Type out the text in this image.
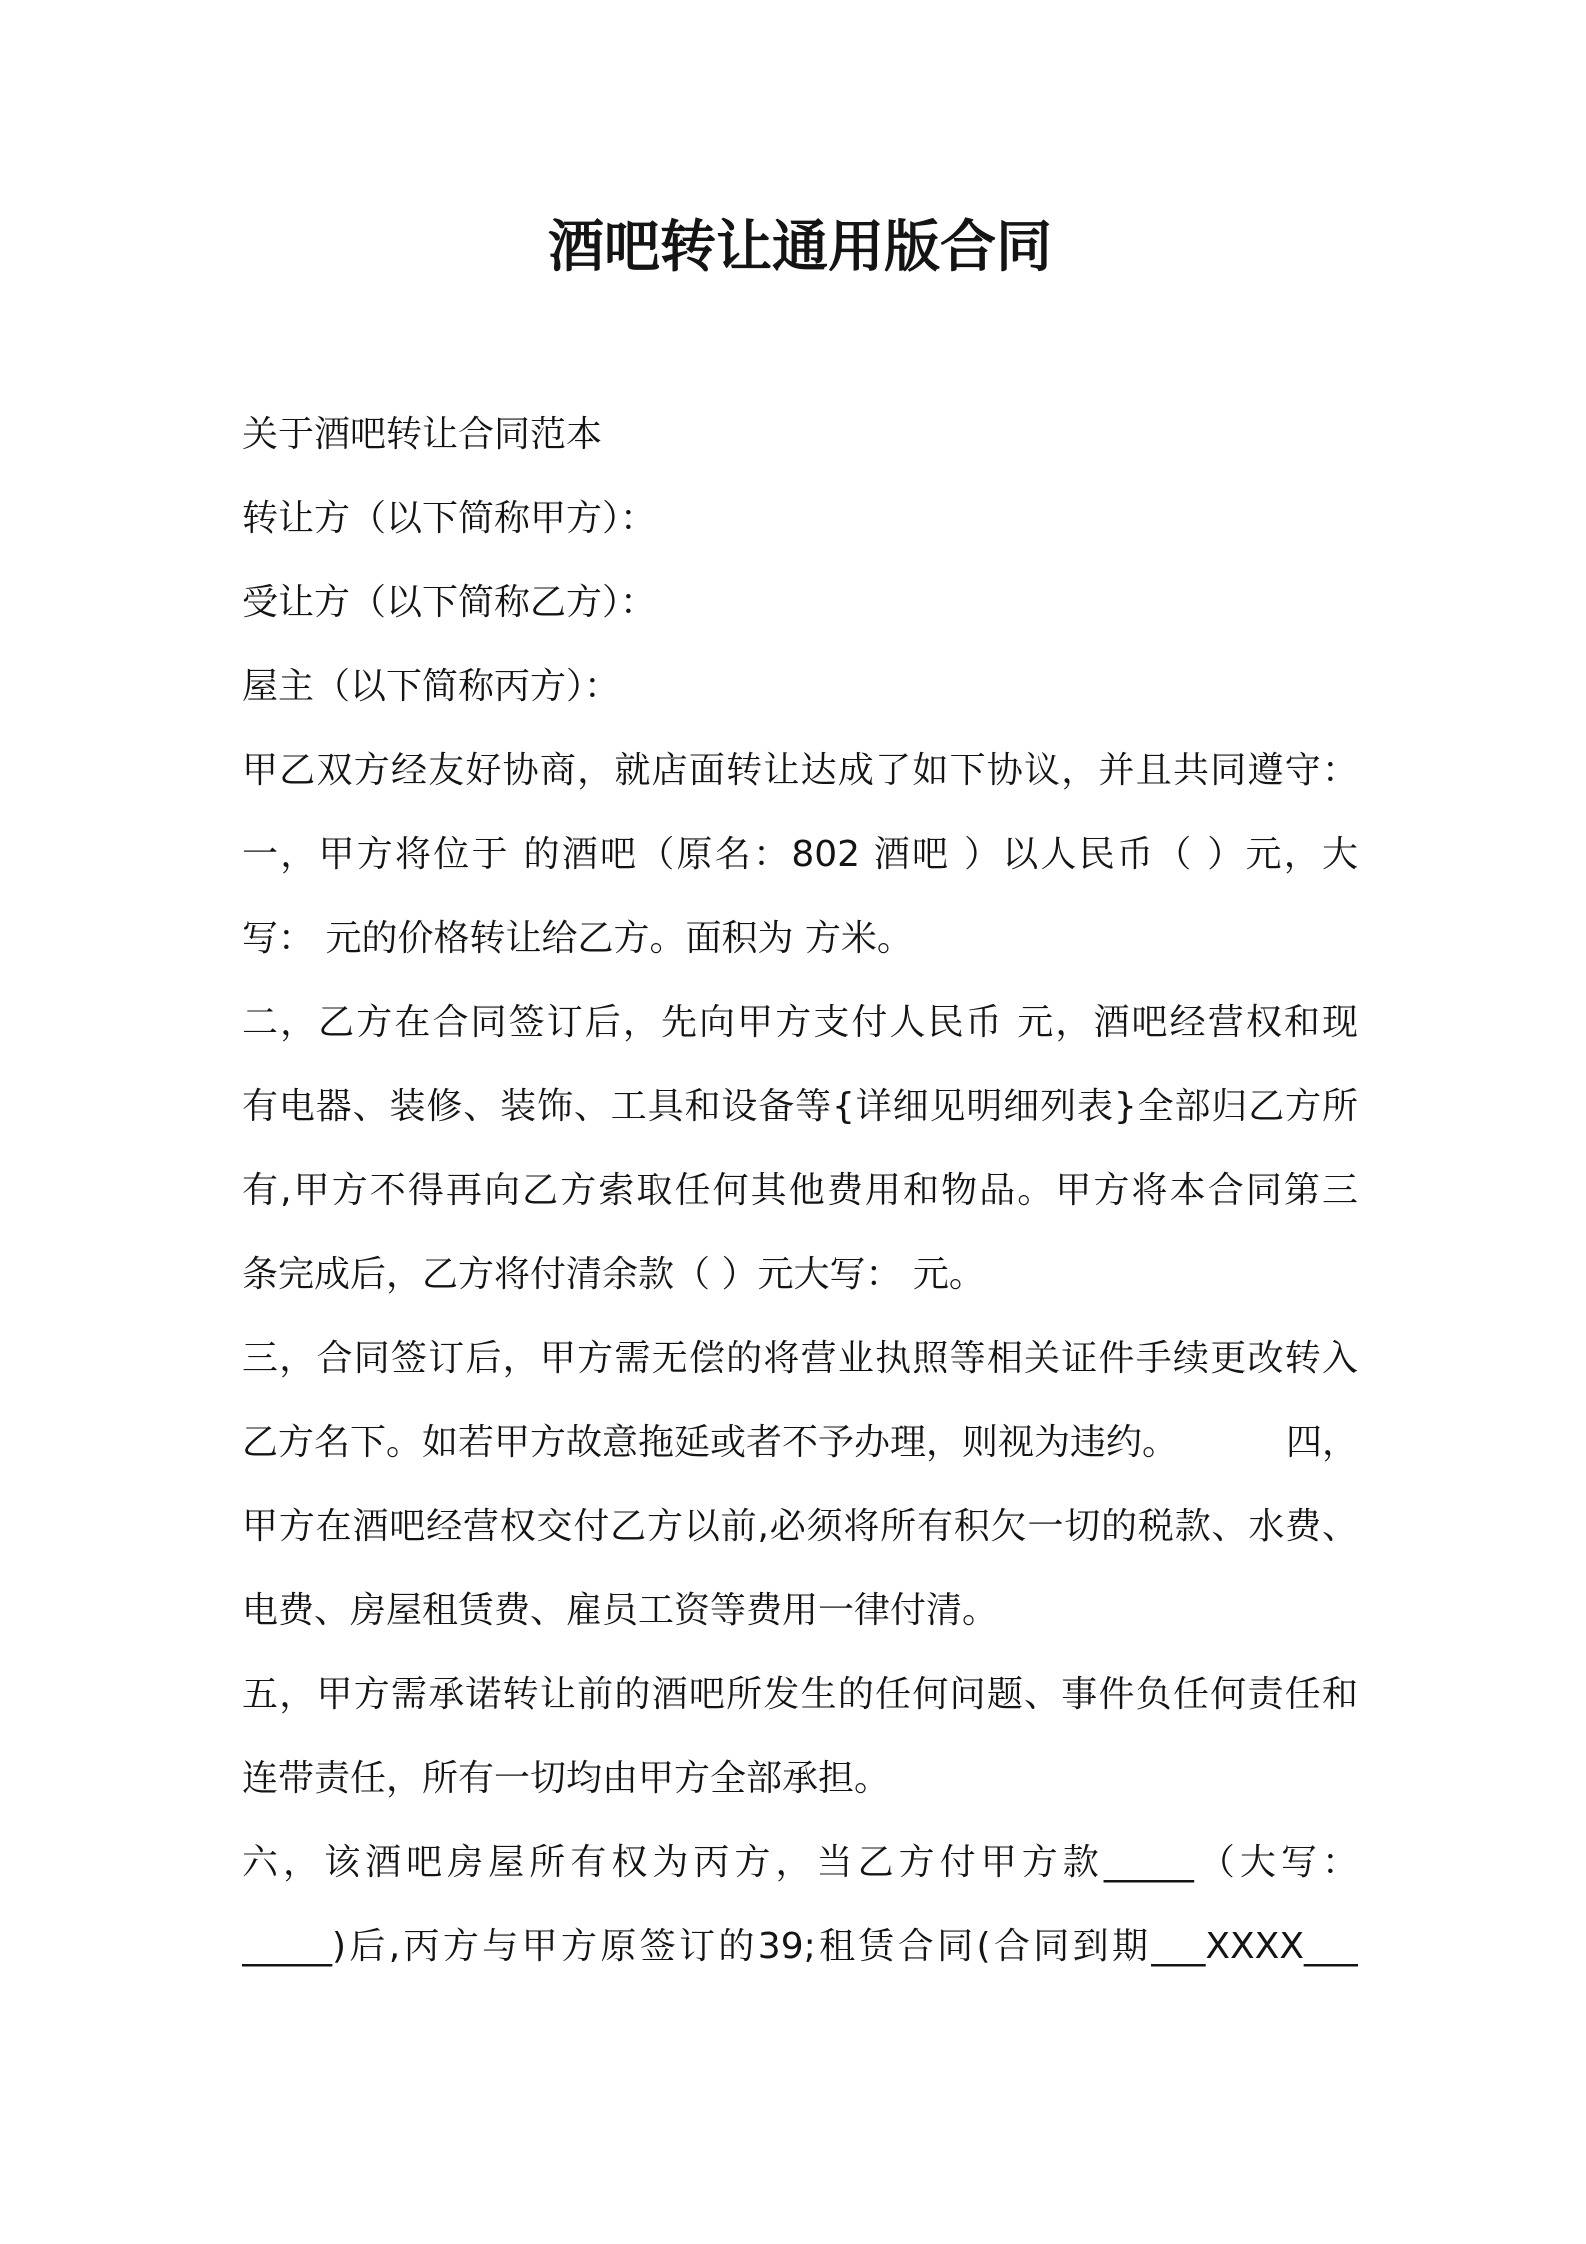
酒吧转让通用版合同
关于酒吧转让合同范本
转让方（以下简称甲方）：
受让方（以下简称乙方）：
屋主（以下简称丙方）：
甲乙双方经友好协商，就店面转让达成了如下协议，并且共同遵守：
一，甲方将位于 的酒吧（原名：802 酒吧 ）以人民币（ ）元，大
写： 元的价格转让给乙方。面积为 方米。
二，乙方在合同签订后，先向甲方支付人民币 元，酒吧经营权和现
有电器、装修、装饰、工具和设备等{详细见明细列表}全部归乙方所
有,甲方不得再向乙方索取任何其他费用和物品。甲方将本合同第三
条完成后，乙方将付清余款（ ）元大写： 元。
三，合同签订后，甲方需无偿的将营业执照等相关证件手续更改转入
乙方名下。如若甲方故意拖延或者不予办理，则视为违约。	四，
甲方在酒吧经营权交付乙方以前,必须将所有积欠一切的税款、水费、
电费、房屋租赁费、雇员工资等费用一律付清。
五，甲方需承诺转让前的酒吧所发生的任何问题、事件负任何责任和
连带责任，所有一切均由甲方全部承担。
六，该酒吧房屋所有权为丙方，当乙方付甲方款_____（大写：
_____)后,丙方与甲方原签订的39;租赁合同(合同到期___XXXX___
